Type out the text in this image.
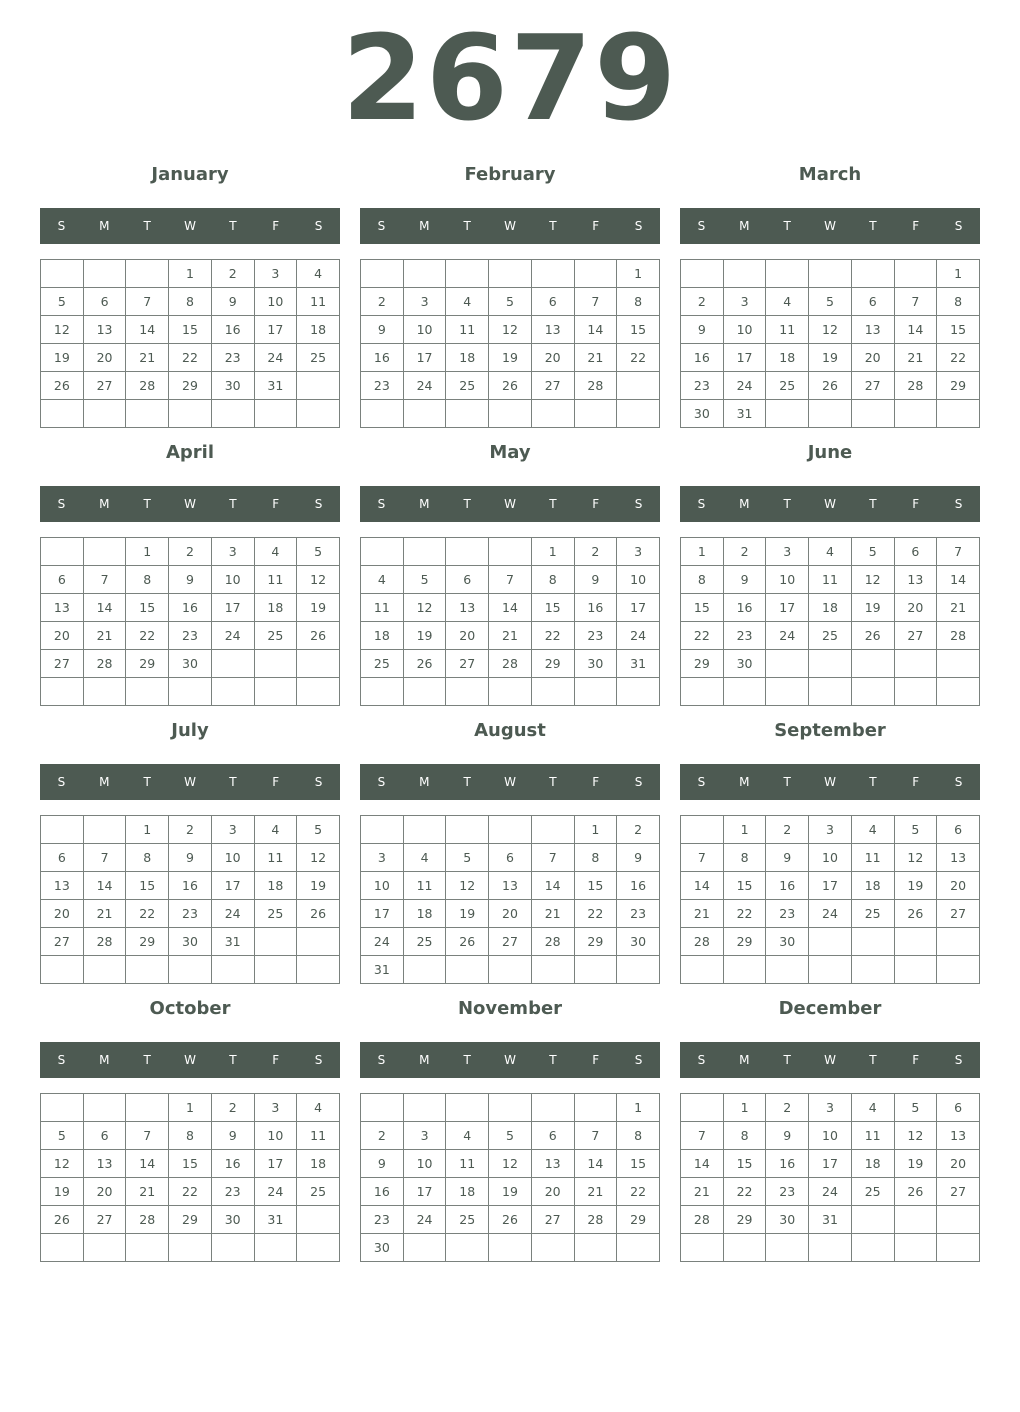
2679
January
S	M	T	W	T	F	S
			1	2	3	4
5	6	7	8	9	10	11
12	13	14	15	16	17	18
19	20	21	22	23	24	25
26	27	28	29	30	31	

February
S	M	T	W	T	F	S
						1
2	3	4	5	6	7	8
9	10	11	12	13	14	15
16	17	18	19	20	21	22
23	24	25	26	27	28	

March
S	M	T	W	T	F	S
						1
2	3	4	5	6	7	8
9	10	11	12	13	14	15
16	17	18	19	20	21	22
23	24	25	26	27	28	29
30	31					
April
S	M	T	W	T	F	S
		1	2	3	4	5
6	7	8	9	10	11	12
13	14	15	16	17	18	19
20	21	22	23	24	25	26
27	28	29	30			

May
S	M	T	W	T	F	S
				1	2	3
4	5	6	7	8	9	10
11	12	13	14	15	16	17
18	19	20	21	22	23	24
25	26	27	28	29	30	31

June
S	M	T	W	T	F	S
1	2	3	4	5	6	7
8	9	10	11	12	13	14
15	16	17	18	19	20	21
22	23	24	25	26	27	28
29	30					

July
S	M	T	W	T	F	S
		1	2	3	4	5
6	7	8	9	10	11	12
13	14	15	16	17	18	19
20	21	22	23	24	25	26
27	28	29	30	31		

August
S	M	T	W	T	F	S
					1	2
3	4	5	6	7	8	9
10	11	12	13	14	15	16
17	18	19	20	21	22	23
24	25	26	27	28	29	30
31						
September
S	M	T	W	T	F	S
	1	2	3	4	5	6
7	8	9	10	11	12	13
14	15	16	17	18	19	20
21	22	23	24	25	26	27
28	29	30				

October
S	M	T	W	T	F	S
			1	2	3	4
5	6	7	8	9	10	11
12	13	14	15	16	17	18
19	20	21	22	23	24	25
26	27	28	29	30	31	

November
S	M	T	W	T	F	S
						1
2	3	4	5	6	7	8
9	10	11	12	13	14	15
16	17	18	19	20	21	22
23	24	25	26	27	28	29
30						
December
S	M	T	W	T	F	S
	1	2	3	4	5	6
7	8	9	10	11	12	13
14	15	16	17	18	19	20
21	22	23	24	25	26	27
28	29	30	31			
